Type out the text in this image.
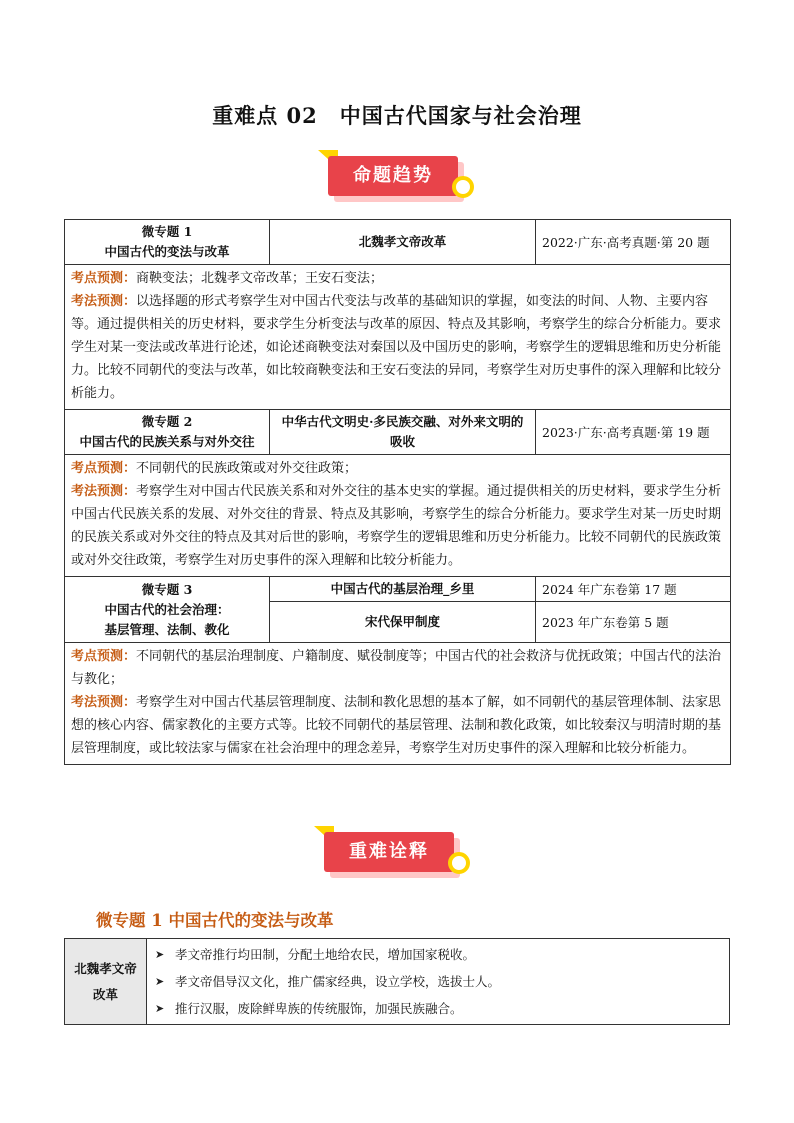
重难点 02 中国古代国家与社会治理
命题趋势
微专题 1
中国古代的变法与改革	北魏孝文帝改革	2022·广东·高考真题·第 20 题

考点预测：商鞅变法；北魏孝文帝改革；王安石变法；
考法预测：以选择题的形式考察学生对中国古代变法与改革的基础知识的掌握，如变法的时间、人物、主要内容等。通过提供相关的历史材料，要求学生分析变法与改革的原因、特点及其影响，考察学生的综合分析能力。要求学生对某一变法或改革进行论述，如论述商鞅变法对秦国以及中国历史的影响，考察学生的逻辑思维和历史分析能力。比较不同朝代的变法与改革，如比较商鞅变法和王安石变法的异同，考察学生对历史事件的深入理解和比较分析能力。		

微专题 2
中国古代的民族关系与对外交往	中华古代文明史·多民族交融、对外来文明的吸收	2023·广东·高考真题·第 19 题

考点预测：不同朝代的民族政策或对外交往政策；
考法预测：考察学生对中国古代民族关系和对外交往的基本史实的掌握。通过提供相关的历史材料，要求学生分析中国古代民族关系的发展、对外交往的背景、特点及其影响，考察学生的综合分析能力。要求学生对某一历史时期的民族关系或对外交往的特点及其对后世的影响，考察学生的逻辑思维和历史分析能力。比较不同朝代的民族政策或对外交往政策，考察学生对历史事件的深入理解和比较分析能力。		

微专题 3
中国古代的社会治理：
基层管理、法制、教化	中国古代的基层治理_乡里	2024 年广东卷第 17 题
	宋代保甲制度	2023 年广东卷第 5 题

考点预测：不同朝代的基层治理制度、户籍制度、赋役制度等；中国古代的社会救济与优抚政策；中国古代的法治与教化；
考法预测：考察学生对中国古代基层管理制度、法制和教化思想的基本了解，如不同朝代的基层管理体制、法家思想的核心内容、儒家教化的主要方式等。比较不同朝代的基层管理、法制和教化政策，如比较秦汉与明清时期的基层管理制度，或比较法家与儒家在社会治理中的理念差异，考察学生对历史事件的深入理解和比较分析能力。		
重难诠释
微专题 1 中国古代的变法与改革
北魏孝文帝改革	
➤ 孝文帝推行均田制，分配土地给农民，增加国家税收。
➤ 孝文帝倡导汉文化，推广儒家经典，设立学校，选拔士人。
➤ 推行汉服，废除鲜卑族的传统服饰，加强民族融合。
